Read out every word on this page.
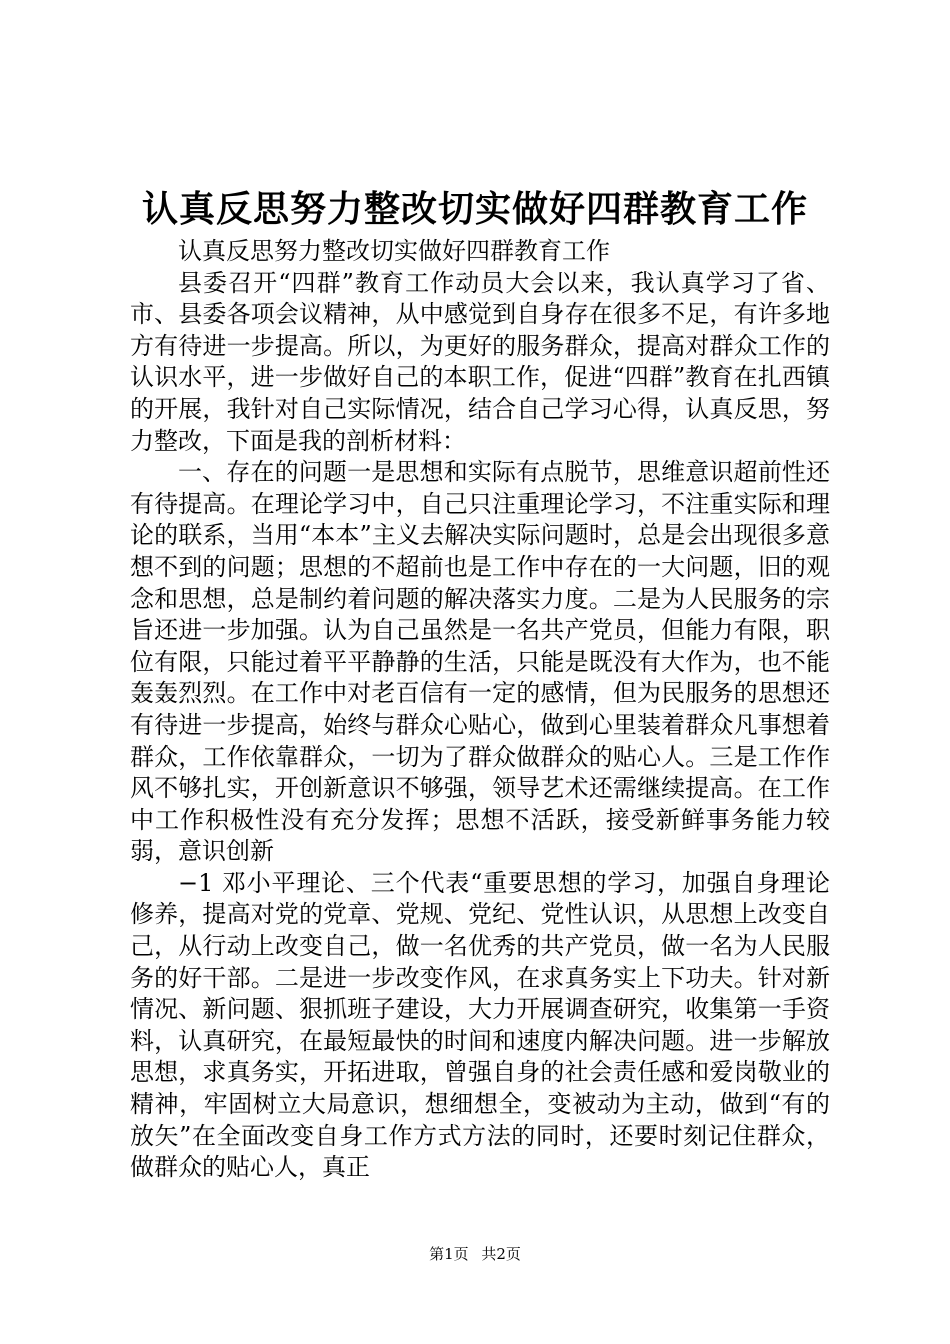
认真反思努力整改切实做好四群教育工作

认真反思努力整改切实做好四群教育工作

县委召开“四群”教育工作动员大会以来，我认真学习了省、市、县委各项会议精神，从中感觉到自身存在很多不足，有许多地方有待进一步提高。所以，为更好的服务群众，提高对群众工作的认识水平，进一步做好自己的本职工作，促进“四群”教育在扎西镇的开展，我针对自己实际情况，结合自己学习心得，认真反思，努力整改，下面是我的剖析材料：

一、存在的问题一是思想和实际有点脱节，思维意识超前性还有待提高。在理论学习中，自己只注重理论学习，不注重实际和理论的联系，当用“本本”主义去解决实际问题时，总是会出现很多意想不到的问题；思想的不超前也是工作中存在的一大问题，旧的观念和思想，总是制约着问题的解决落实力度。二是为人民服务的宗旨还进一步加强。认为自己虽然是一名共产党员，但能力有限，职位有限，只能过着平平静静的生活，只能是既没有大作为，也不能轰轰烈烈。在工作中对老百信有一定的感情，但为民服务的思想还有待进一步提高，始终与群众心贴心，做到心里装着群众凡事想着群众，工作依靠群众，一切为了群众做群众的贴心人。三是工作作风不够扎实，开创新意识不够强，领导艺术还需继续提高。在工作中工作积极性没有充分发挥；思想不活跃，接受新鲜事务能力较弱，意识创新

−1 邓小平理论、三个代表“重要思想的学习，加强自身理论修养，提高对党的党章、党规、党纪、党性认识，从思想上改变自己，从行动上改变自己，做一名优秀的共产党员，做一名为人民服务的好干部。二是进一步改变作风，在求真务实上下功夫。针对新情况、新问题、狠抓班子建设，大力开展调查研究，收集第一手资料，认真研究，在最短最快的时间和速度内解决问题。进一步解放思想，求真务实，开拓进取，曾强自身的社会责任感和爱岗敬业的精神，牢固树立大局意识，想细想全，变被动为主动，做到“有的放矢”在全面改变自身工作方式方法的同时，还要时刻记住群众，做群众的贴心人，真正

第1页 共2页
